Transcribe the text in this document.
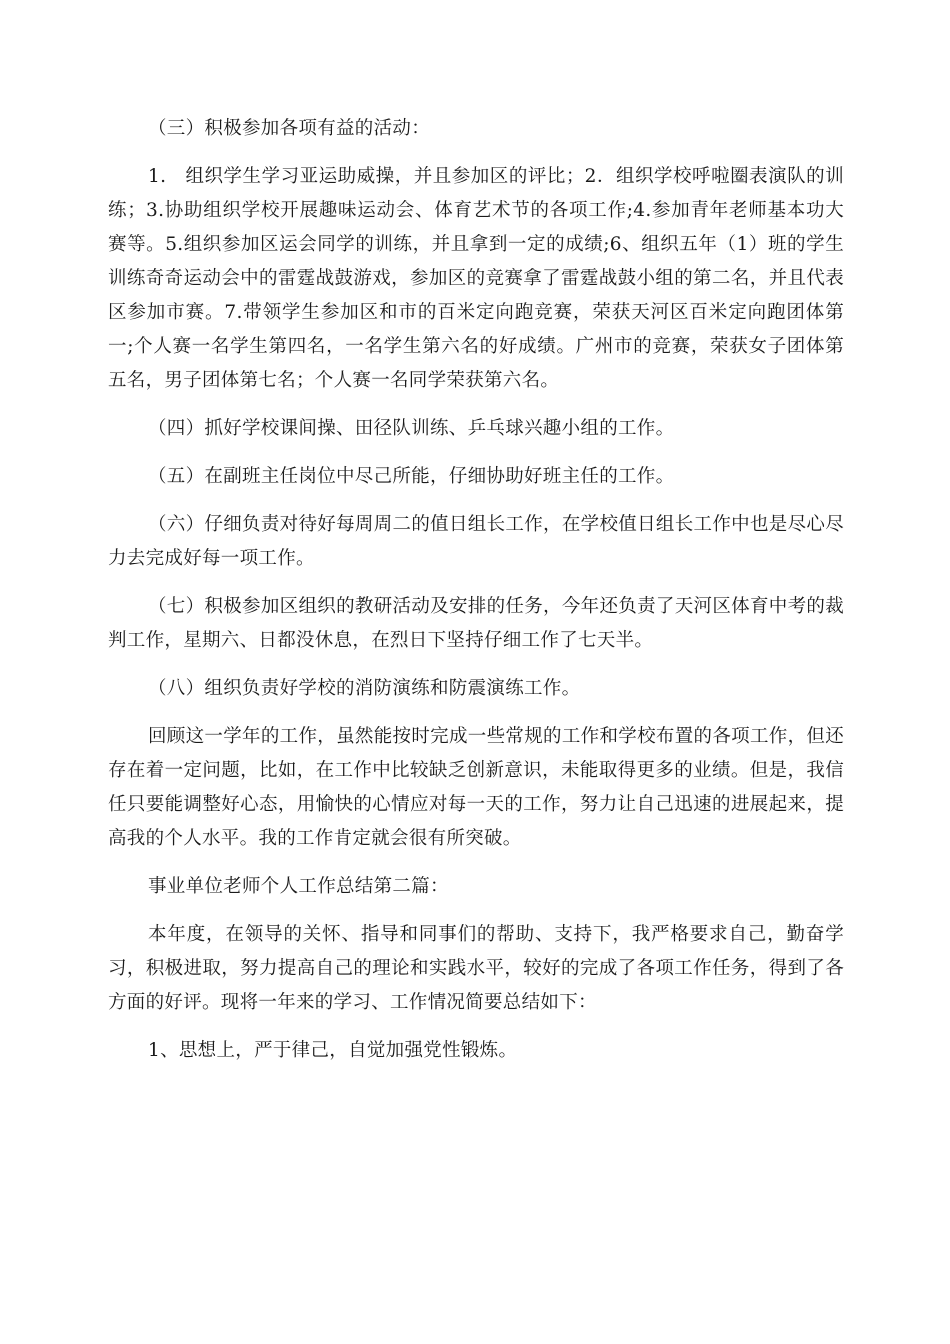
（三）积极参加各项有益的活动：

1.　组织学生学习亚运助威操，并且参加区的评比；2．组织学校呼啦圈表演队的训练；3.协助组织学校开展趣味运动会、体育艺术节的各项工作;4.参加青年老师基本功大赛等。5.组织参加区运会同学的训练，并且拿到一定的成绩;6、组织五年（1）班的学生训练奇奇运动会中的雷霆战鼓游戏，参加区的竞赛拿了雷霆战鼓小组的第二名，并且代表区参加市赛。7.带领学生参加区和市的百米定向跑竞赛，荣获天河区百米定向跑团体第一;个人赛一名学生第四名，一名学生第六名的好成绩。广州市的竞赛，荣获女子团体第五名，男子团体第七名；个人赛一名同学荣获第六名。

（四）抓好学校课间操、田径队训练、乒乓球兴趣小组的工作。

（五）在副班主任岗位中尽己所能，仔细协助好班主任的工作。

（六）仔细负责对待好每周周二的值日组长工作，在学校值日组长工作中也是尽心尽力去完成好每一项工作。

（七）积极参加区组织的教研活动及安排的任务，今年还负责了天河区体育中考的裁判工作，星期六、日都没休息，在烈日下坚持仔细工作了七天半。

（八）组织负责好学校的消防演练和防震演练工作。

回顾这一学年的工作，虽然能按时完成一些常规的工作和学校布置的各项工作，但还存在着一定问题，比如，在工作中比较缺乏创新意识，未能取得更多的业绩。但是，我信任只要能调整好心态，用愉快的心情应对每一天的工作，努力让自己迅速的进展起来，提高我的个人水平。我的工作肯定就会很有所突破。

事业单位老师个人工作总结第二篇：

本年度，在领导的关怀、指导和同事们的帮助、支持下，我严格要求自己，勤奋学习，积极进取，努力提高自己的理论和实践水平，较好的完成了各项工作任务，得到了各方面的好评。现将一年来的学习、工作情况简要总结如下：

1、思想上，严于律己，自觉加强党性锻炼。
